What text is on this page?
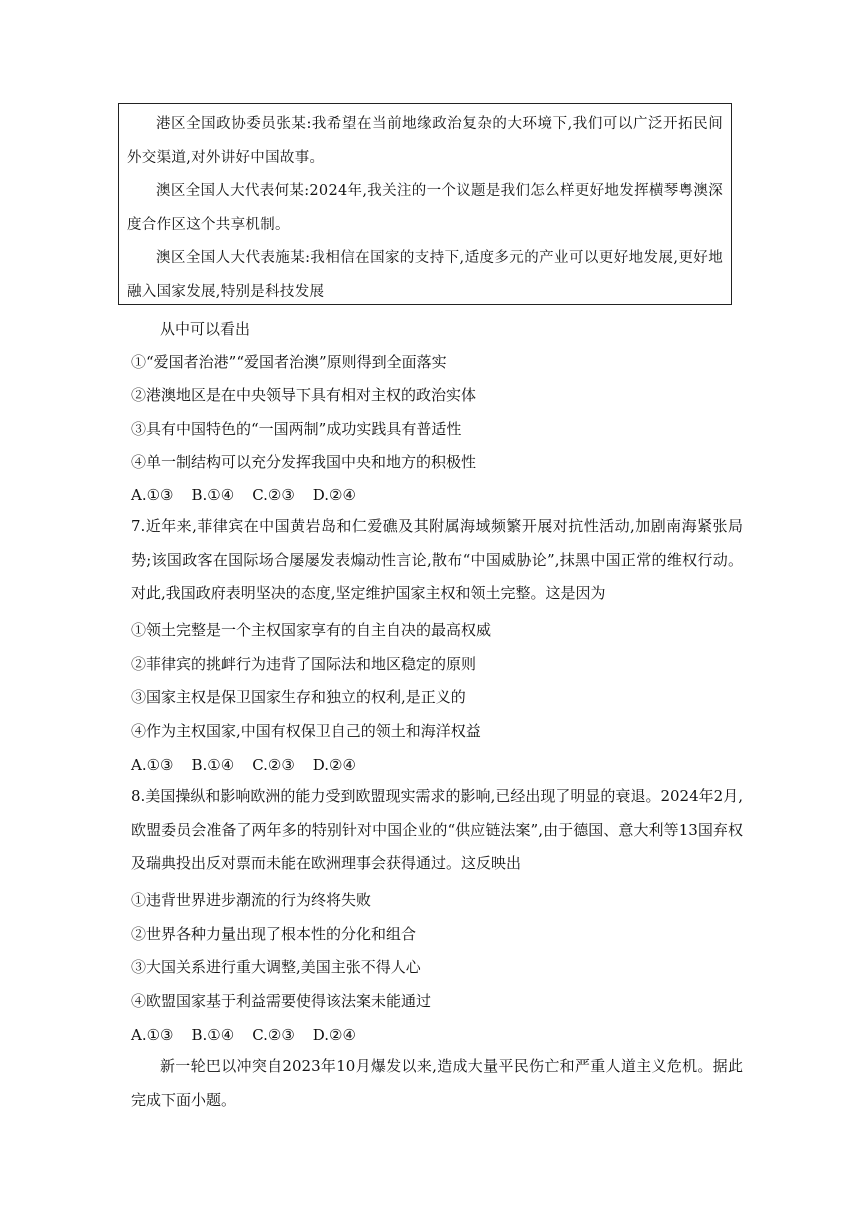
港区全国政协委员张某:我希望在当前地缘政治复杂的大环境下,我们可以广泛开拓民间外交渠道,对外讲好中国故事。

澳区全国人大代表何某:2024年,我关注的一个议题是我们怎么样更好地发挥横琴粤澳深度合作区这个共享机制。

澳区全国人大代表施某:我相信在国家的支持下,适度多元的产业可以更好地发展,更好地融入国家发展,特别是科技发展

从中可以看出
①“爱国者治港”“爱国者治澳”原则得到全面落实
②港澳地区是在中央领导下具有相对主权的政治实体
③具有中国特色的“一国两制”成功实践具有普适性
④单一制结构可以充分发挥我国中央和地方的积极性
A.①③ B.①④ C.②③ D.②④
7.近年来,菲律宾在中国黄岩岛和仁爱礁及其附属海域频繁开展对抗性活动,加剧南海紧张局势;该国政客在国际场合屡屡发表煽动性言论,散布“中国威胁论”,抹黑中国正常的维权行动。对此,我国政府表明坚决的态度,坚定维护国家主权和领土完整。这是因为
①领土完整是一个主权国家享有的自主自决的最高权威
②菲律宾的挑衅行为违背了国际法和地区稳定的原则
③国家主权是保卫国家生存和独立的权利,是正义的
④作为主权国家,中国有权保卫自己的领土和海洋权益
A.①③ B.①④ C.②③ D.②④
8.美国操纵和影响欧洲的能力受到欧盟现实需求的影响,已经出现了明显的衰退。2024年2月,欧盟委员会准备了两年多的特别针对中国企业的“供应链法案”,由于德国、意大利等13国弃权及瑞典投出反对票而未能在欧洲理事会获得通过。这反映出
①违背世界进步潮流的行为终将失败
②世界各种力量出现了根本性的分化和组合
③大国关系进行重大调整,美国主张不得人心
④欧盟国家基于利益需要使得该法案未能通过
A.①③ B.①④ C.②③ D.②④
新一轮巴以冲突自2023年10月爆发以来,造成大量平民伤亡和严重人道主义危机。据此完成下面小题。
